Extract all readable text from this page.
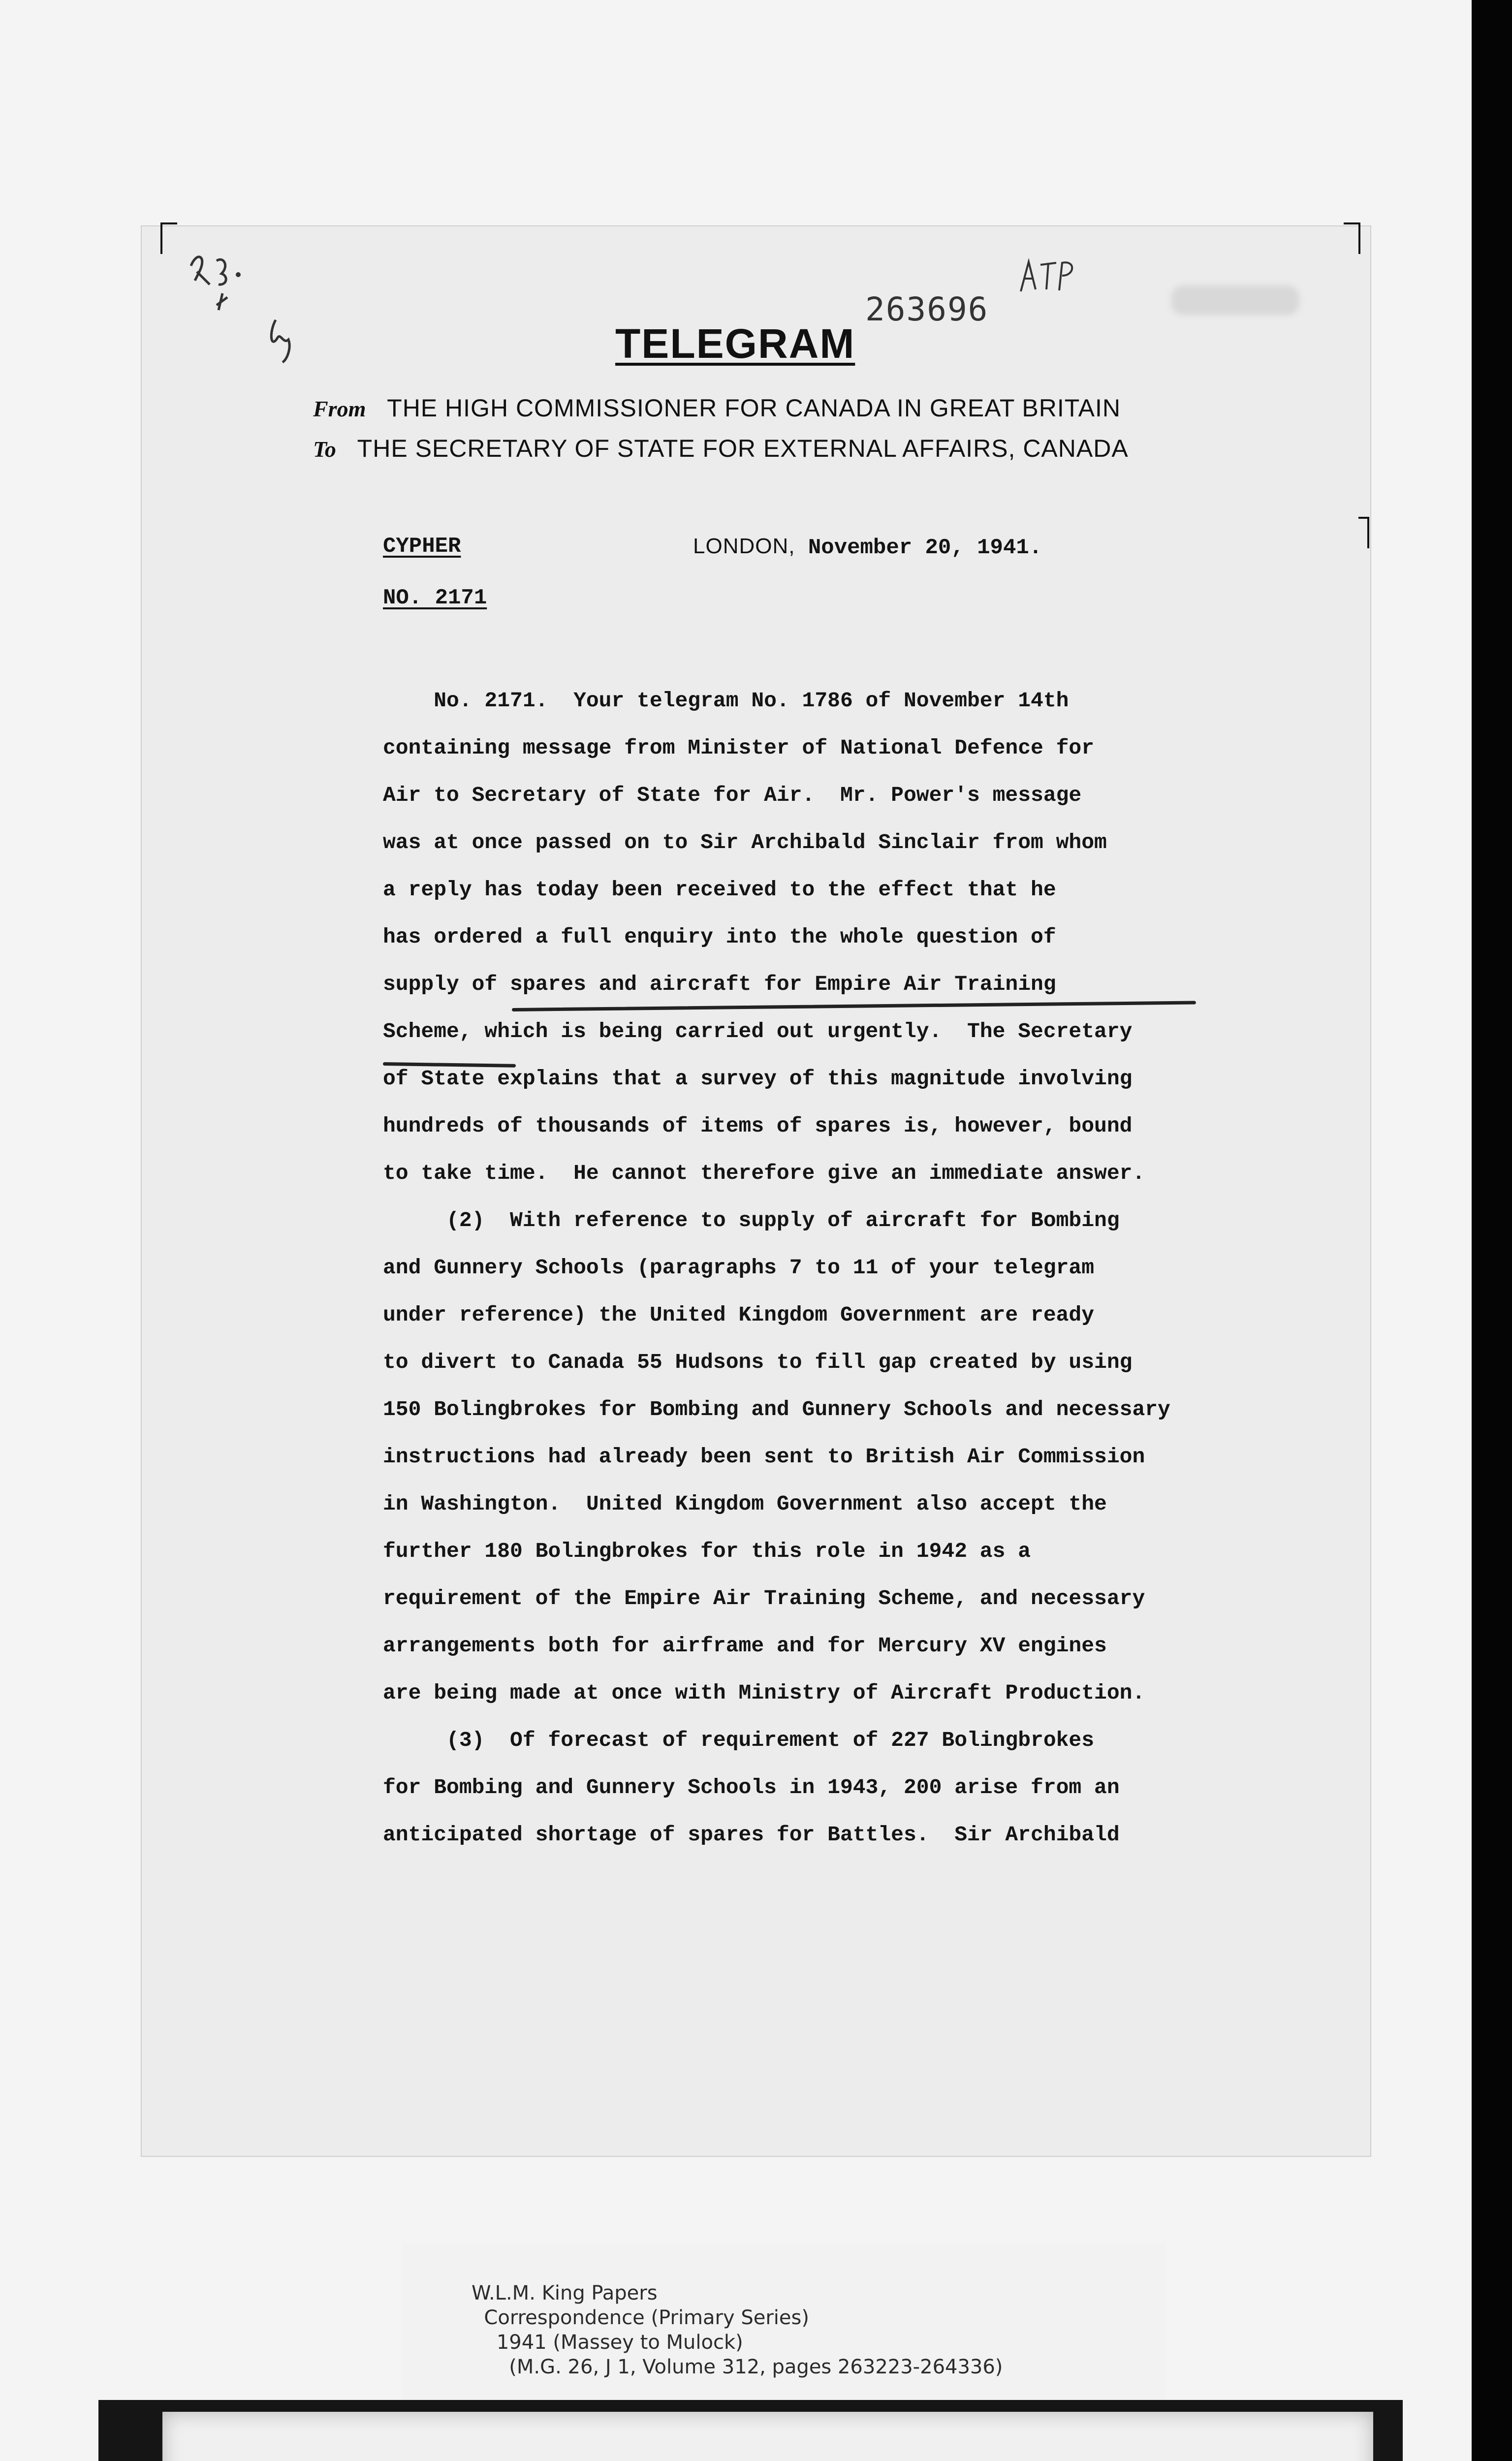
TELEGRAM
263696
From THE HIGH COMMISSIONER FOR CANADA IN GREAT BRITAIN
To THE SECRETARY OF STATE FOR EXTERNAL AFFAIRS, CANADA
CYPHER
NO. 2171
LONDON, November 20, 1941.
No. 2171.  Your telegram No. 1786 of November 14th
containing message from Minister of National Defence for
Air to Secretary of State for Air.  Mr. Power's message
was at once passed on to Sir Archibald Sinclair from whom
a reply has today been received to the effect that he
has ordered a full enquiry into the whole question of
supply of spares and aircraft for Empire Air Training
Scheme, which is being carried out urgently.  The Secretary
of State explains that a survey of this magnitude involving
hundreds of thousands of items of spares is, however, bound
to take time.  He cannot therefore give an immediate answer.
(2)  With reference to supply of aircraft for Bombing
and Gunnery Schools (paragraphs 7 to 11 of your telegram
under reference) the United Kingdom Government are ready
to divert to Canada 55 Hudsons to fill gap created by using
150 Bolingbrokes for Bombing and Gunnery Schools and necessary
instructions had already been sent to British Air Commission
in Washington.  United Kingdom Government also accept the
further 180 Bolingbrokes for this role in 1942 as a
requirement of the Empire Air Training Scheme, and necessary
arrangements both for airframe and for Mercury XV engines
are being made at once with Ministry of Aircraft Production.
(3)  Of forecast of requirement of 227 Bolingbrokes
for Bombing and Gunnery Schools in 1943, 200 arise from an
anticipated shortage of spares for Battles.  Sir Archibald
W.L.M. King Papers
Correspondence (Primary Series)
1941 (Massey to Mulock)
(M.G. 26, J 1, Volume 312, pages 263223-264336)
